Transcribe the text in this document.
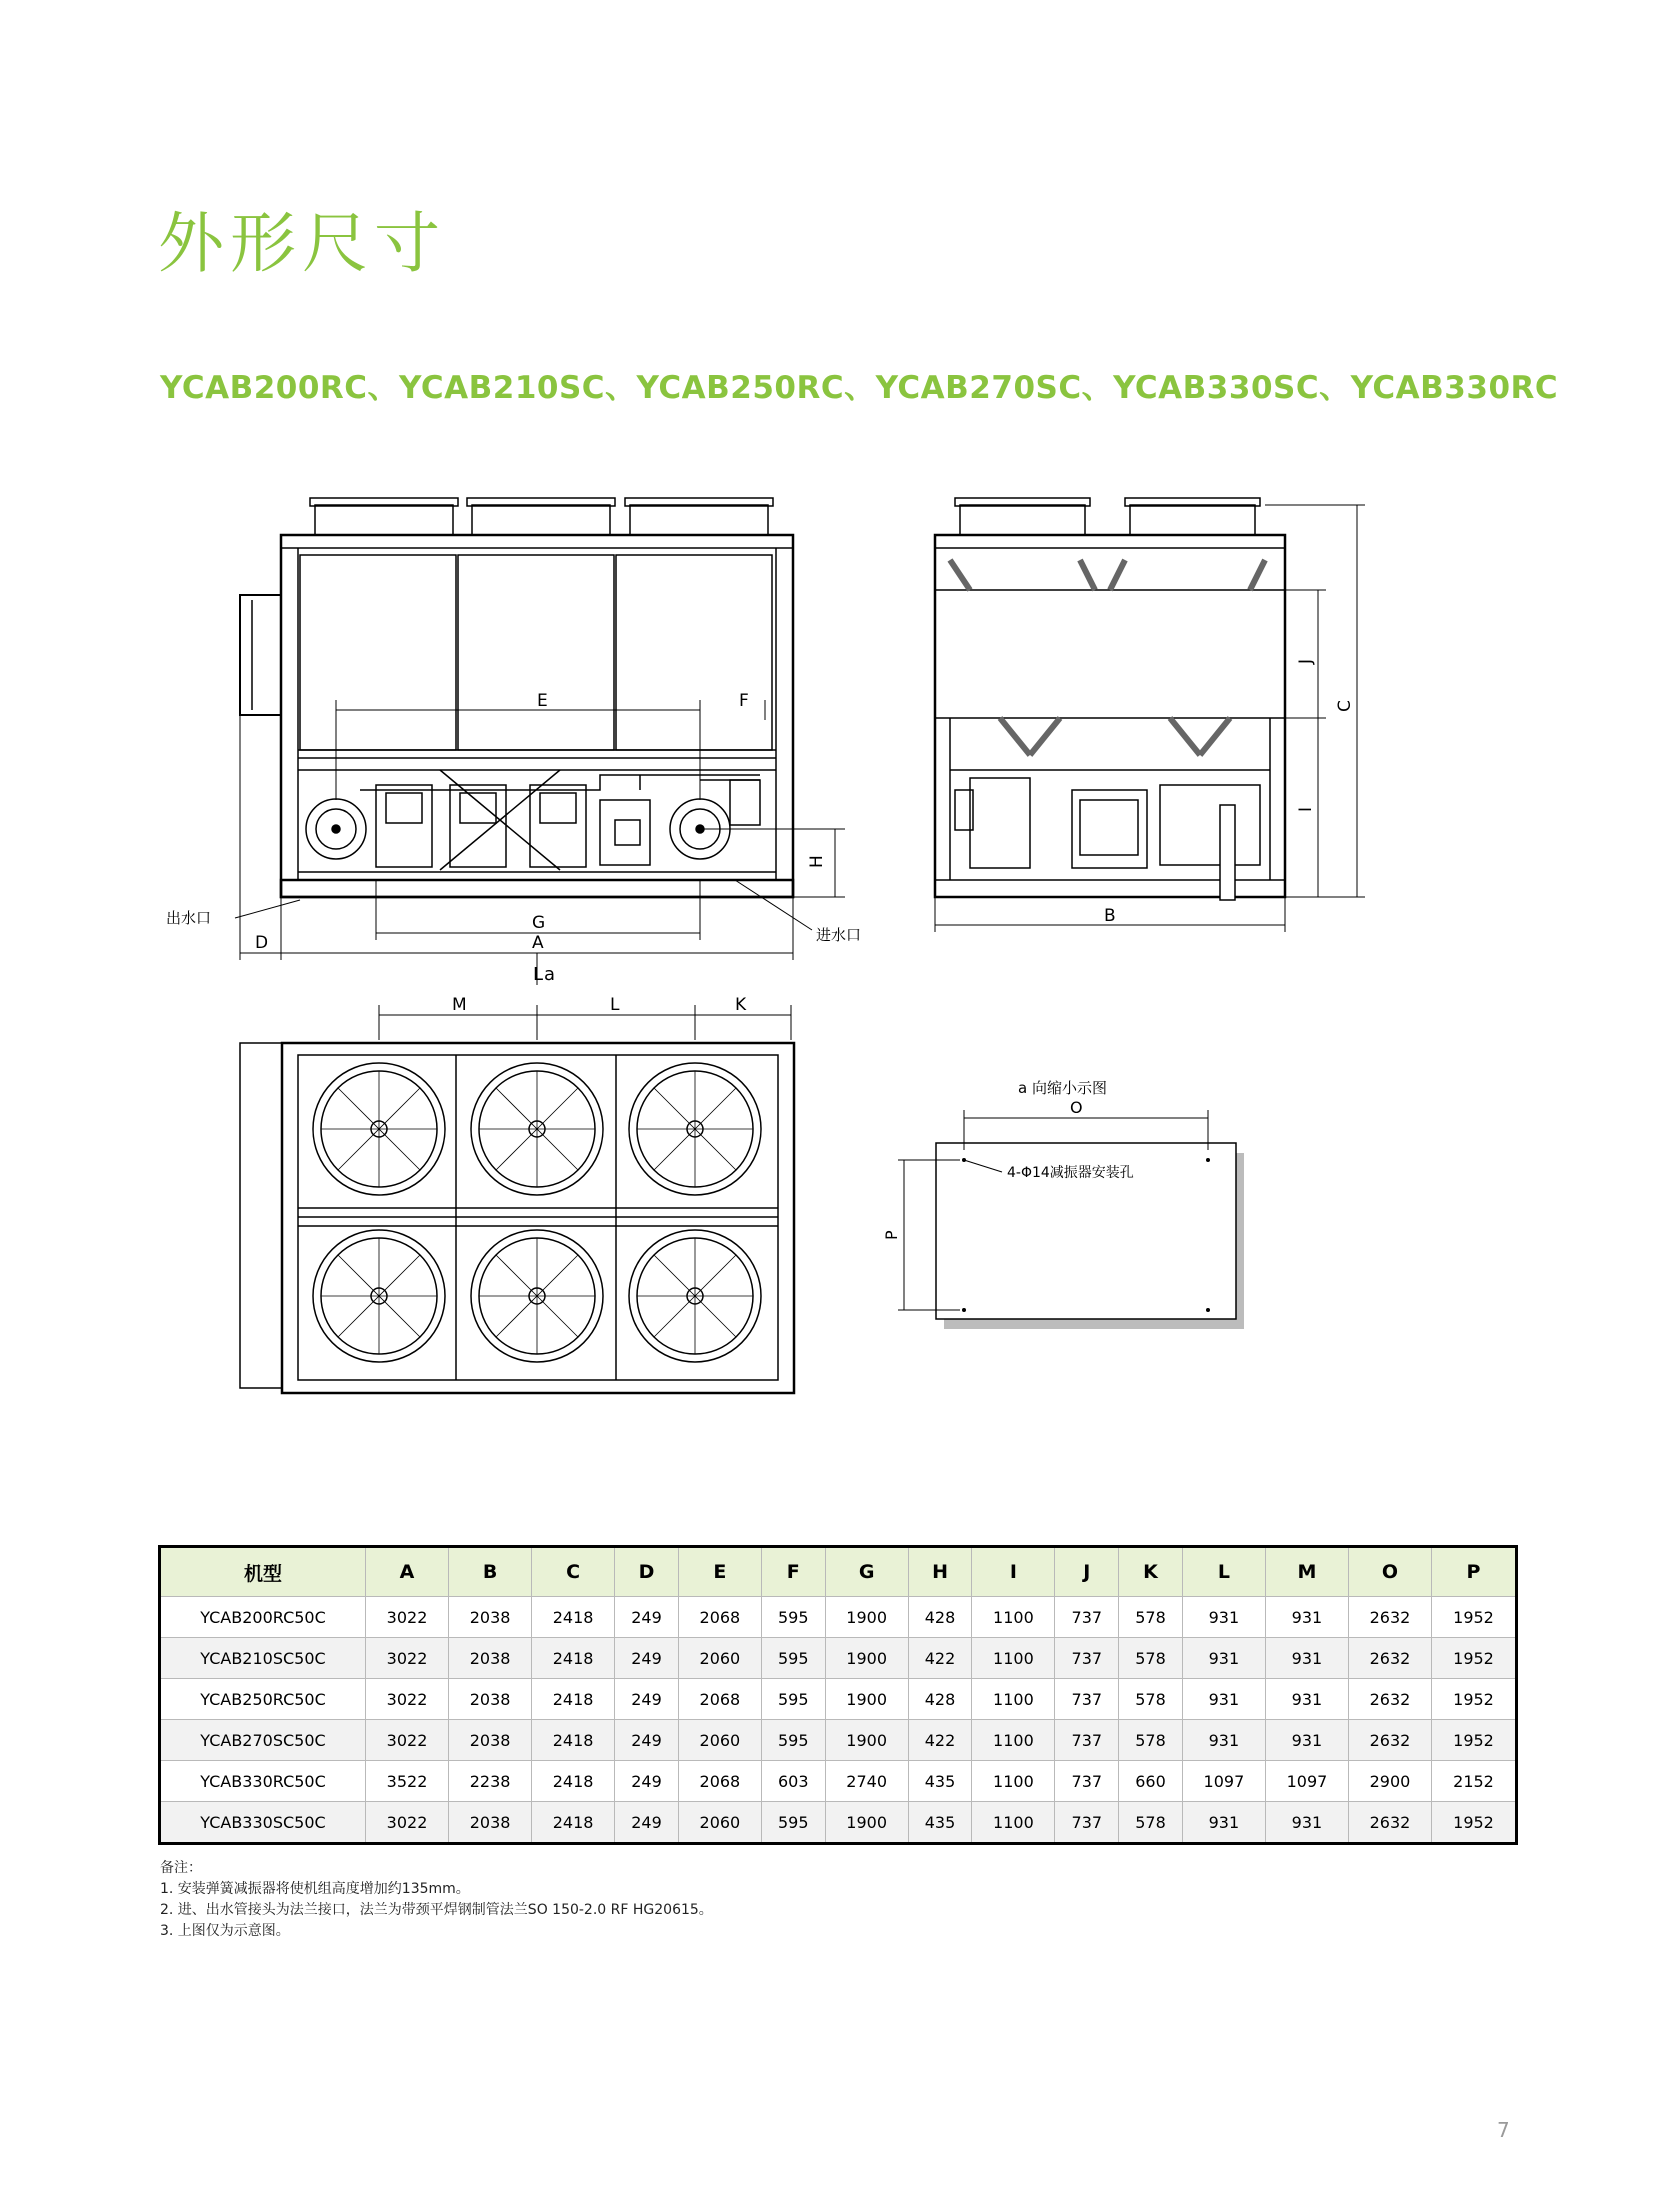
外形尺寸
YCAB200RC、YCAB210SC、YCAB250RC、YCAB270SC、YCAB330SC、YCAB330RC
E	F
G
A
D
H
L a
出水口
进水口
B
C
J
I
M	L	K
a 向缩小示图
O
P
4-Φ14减振器安装孔
机型	A	B	C	D	E	F	G	H	I	J	K	L	M	O	P
YCAB200RC50C	3022	2038	2418	249	2068	595	1900	428	1100	737	578	931	931	2632	1952
YCAB210SC50C	3022	2038	2418	249	2060	595	1900	422	1100	737	578	931	931	2632	1952
YCAB250RC50C	3022	2038	2418	249	2068	595	1900	428	1100	737	578	931	931	2632	1952
YCAB270SC50C	3022	2038	2418	249	2060	595	1900	422	1100	737	578	931	931	2632	1952
YCAB330RC50C	3522	2238	2418	249	2068	603	2740	435	1100	737	660	1097	1097	2900	2152
YCAB330SC50C	3022	2038	2418	249	2060	595	1900	435	1100	737	578	931	931	2632	1952
备注：
1. 安装弹簧减振器将使机组高度增加约135mm。
2. 进、出水管接头为法兰接口，法兰为带颈平焊钢制管法兰SO 150-2.0 RF HG20615。
3. 上图仅为示意图。
7
